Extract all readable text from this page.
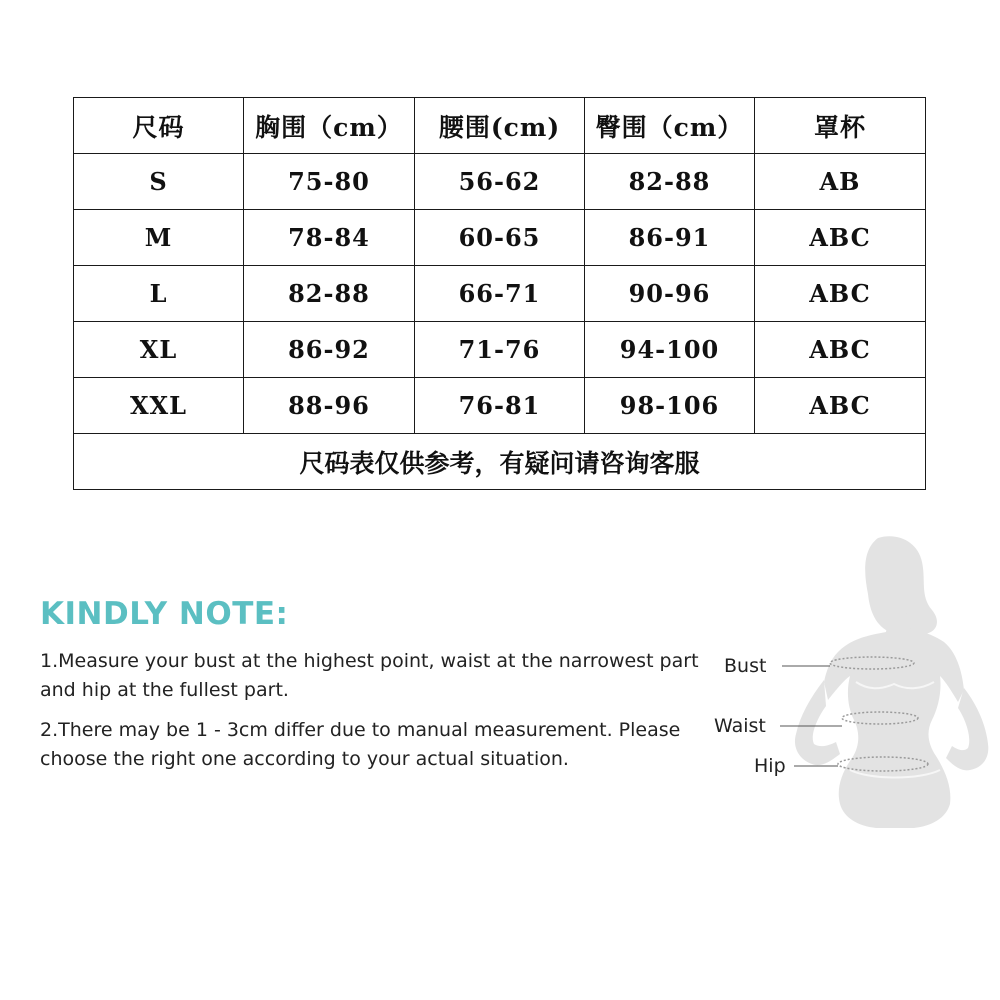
尺码	胸围（cm）	腰围(cm)	臀围（cm）	罩杯
S	75-80	56-62	82-88	AB
M	78-84	60-65	86-91	ABC
L	82-88	66-71	90-96	ABC
XL	86-92	71-76	94-100	ABC
XXL	88-96	76-81	98-106	ABC
尺码表仅供参考，有疑问请咨询客服				
KINDLY NOTE:

1.Measure your bust at the highest point, waist at the narrowest part and hip at the fullest part.

2.There may be 1 - 3cm differ due to manual measurement. Please choose the right one according to your actual situation.

Bust
Waist
Hip
